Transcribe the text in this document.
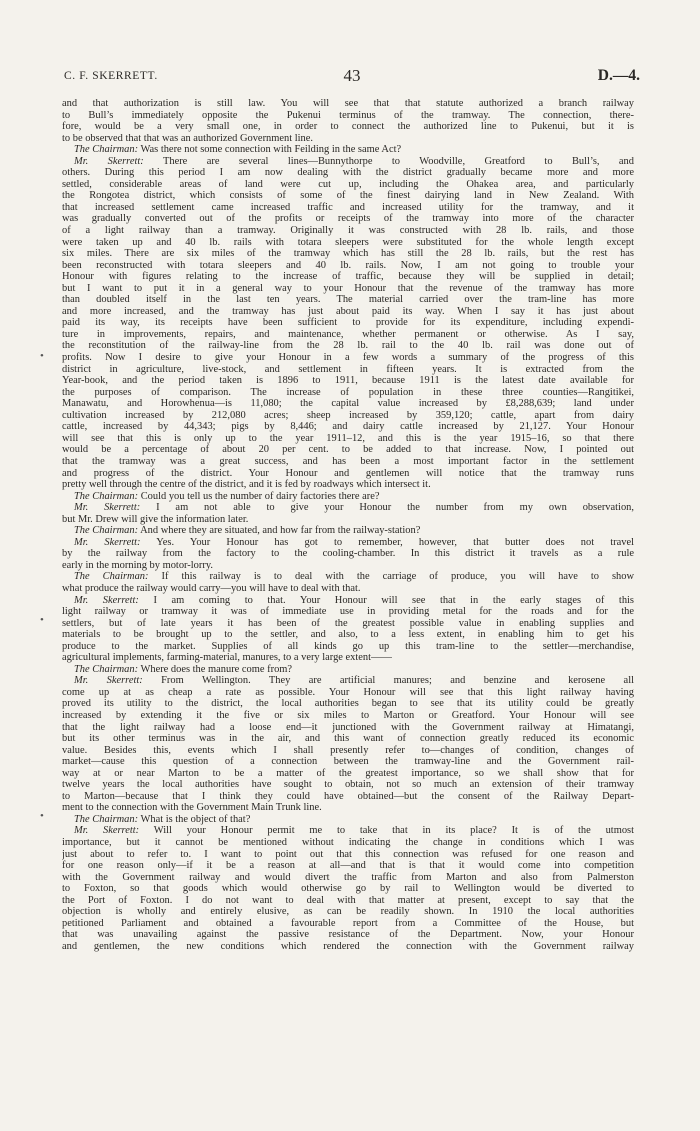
C. F. SKERRETT.	43	D.—4.
•
•
•
and that authorization is still law. You will see that that statute authorized a branch railway
to Bull’s immediately opposite the Pukenui terminus of the tramway. The connection, there-
fore, would be a very small one, in order to connect the authorized line to Pukenui, but it is
to be observed that that was an authorized Government line.
The Chairman: Was there not some connection with Feilding in the same Act?
Mr. Skerrett: There are several lines—Bunnythorpe to Woodville, Greatford to Bull’s, and
others. During this period I am now dealing with the district gradually became more and more
settled, considerable areas of land were cut up, including the Ohakea area, and particularly
the Rongotea district, which consists of some of the finest dairying land in New Zealand. With
that increased settlement came increased traffic and increased utility for the tramway, and it
was gradually converted out of the profits or receipts of the tramway into more of the character
of a light railway than a tramway. Originally it was constructed with 28 lb. rails, and those
were taken up and 40 lb. rails with totara sleepers were substituted for the whole length except
six miles. There are six miles of the tramway which has still the 28 lb. rails, but the rest has
been reconstructed with totara sleepers and 40 lb. rails. Now, I am not going to trouble your
Honour with figures relating to the increase of traffic, because they will be supplied in detail;
but I want to put it in a general way to your Honour that the revenue of the tramway has more
than doubled itself in the last ten years. The material carried over the tram-line has more
and more increased, and the tramway has just about paid its way. When I say it has just about
paid its way, its receipts have been sufficient to provide for its expenditure, including expendi-
ture in improvements, repairs, and maintenance, whether permanent or otherwise. As I say,
the reconstitution of the railway-line from the 28 lb. rail to the 40 lb. rail was done out of
profits. Now I desire to give your Honour in a few words a summary of the progress of this
district in agriculture, live-stock, and settlement in fifteen years. It is extracted from the
Year-book, and the period taken is 1896 to 1911, because 1911 is the latest date available for
the purposes of comparison. The increase of population in these three counties—Rangitikei,
Manawatu, and Horowhenua—is 11,080; the capital value increased by £8,288,639; land under
cultivation increased by 212,080 acres; sheep increased by 359,120; cattle, apart from dairy
cattle, increased by 44,343; pigs by 8,446; and dairy cattle increased by 21,127. Your Honour
will see that this is only up to the year 1911–12, and this is the year 1915–16, so that there
would be a percentage of about 20 per cent. to be added to that increase. Now, I pointed out
that the tramway was a great success, and has been a most important factor in the settlement
and progress of the district. Your Honour and gentlemen will notice that the tramway runs
pretty well through the centre of the district, and it is fed by roadways which intersect it.
The Chairman: Could you tell us the number of dairy factories there are?
Mr. Skerrett: I am not able to give your Honour the number from my own observation,
but Mr. Drew will give the information later.
The Chairman: And where they are situated, and how far from the railway-station?
Mr. Skerrett: Yes. Your Honour has got to remember, however, that butter does not travel
by the railway from the factory to the cooling-chamber. In this district it travels as a rule
early in the morning by motor-lorry.
The Chairman: If this railway is to deal with the carriage of produce, you will have to show
what produce the railway would carry—you will have to deal with that.
Mr. Skerrett: I am coming to that. Your Honour will see that in the early stages of this
light railway or tramway it was of immediate use in providing metal for the roads and for the
settlers, but of late years it has been of the greatest possible value in enabling supplies and
materials to be brought up to the settler, and also, to a less extent, in enabling him to get his
produce to the market. Supplies of all kinds go up this tram-line to the settler—merchandise,
agricultural implements, farming-material, manures, to a very large extent——
The Chairman: Where does the manure come from?
Mr. Skerrett: From Wellington. They are artificial manures; and benzine and kerosene all
come up at as cheap a rate as possible. Your Honour will see that this light railway having
proved its utility to the district, the local authorities began to see that its utility could be greatly
increased by extending it the five or six miles to Marton or Greatford. Your Honour will see
that the light railway had a loose end—it junctioned with the Government railway at Himatangi,
but its other terminus was in the air, and this want of connection greatly reduced its economic
value. Besides this, events which I shall presently refer to—changes of condition, changes of
market—cause this question of a connection between the tramway-line and the Government rail-
way at or near Marton to be a matter of the greatest importance, so we shall show that for
twelve years the local authorities have sought to obtain, not so much an extension of their tramway
to Marton—because that I think they could have obtained—but the consent of the Railway Depart-
ment to the connection with the Government Main Trunk line.
The Chairman: What is the object of that?
Mr. Skerrett: Will your Honour permit me to take that in its place? It is of the utmost
importance, but it cannot be mentioned without indicating the change in conditions which I was
just about to refer to. I want to point out that this connection was refused for one reason and
for one reason only—if it be a reason at all—and that is that it would come into competition
with the Government railway and would divert the traffic from Marton and also from Palmerston
to Foxton, so that goods which would otherwise go by rail to Wellington would be diverted to
the Port of Foxton. I do not want to deal with that matter at present, except to say that the
objection is wholly and entirely elusive, as can be readily shown. In 1910 the local authorities
petitioned Parliament and obtained a favourable report from a Committee of the House, but
that was unavailing against the passive resistance of the Department. Now, your Honour
and gentlemen, the new conditions which rendered the connection with the Government railway
